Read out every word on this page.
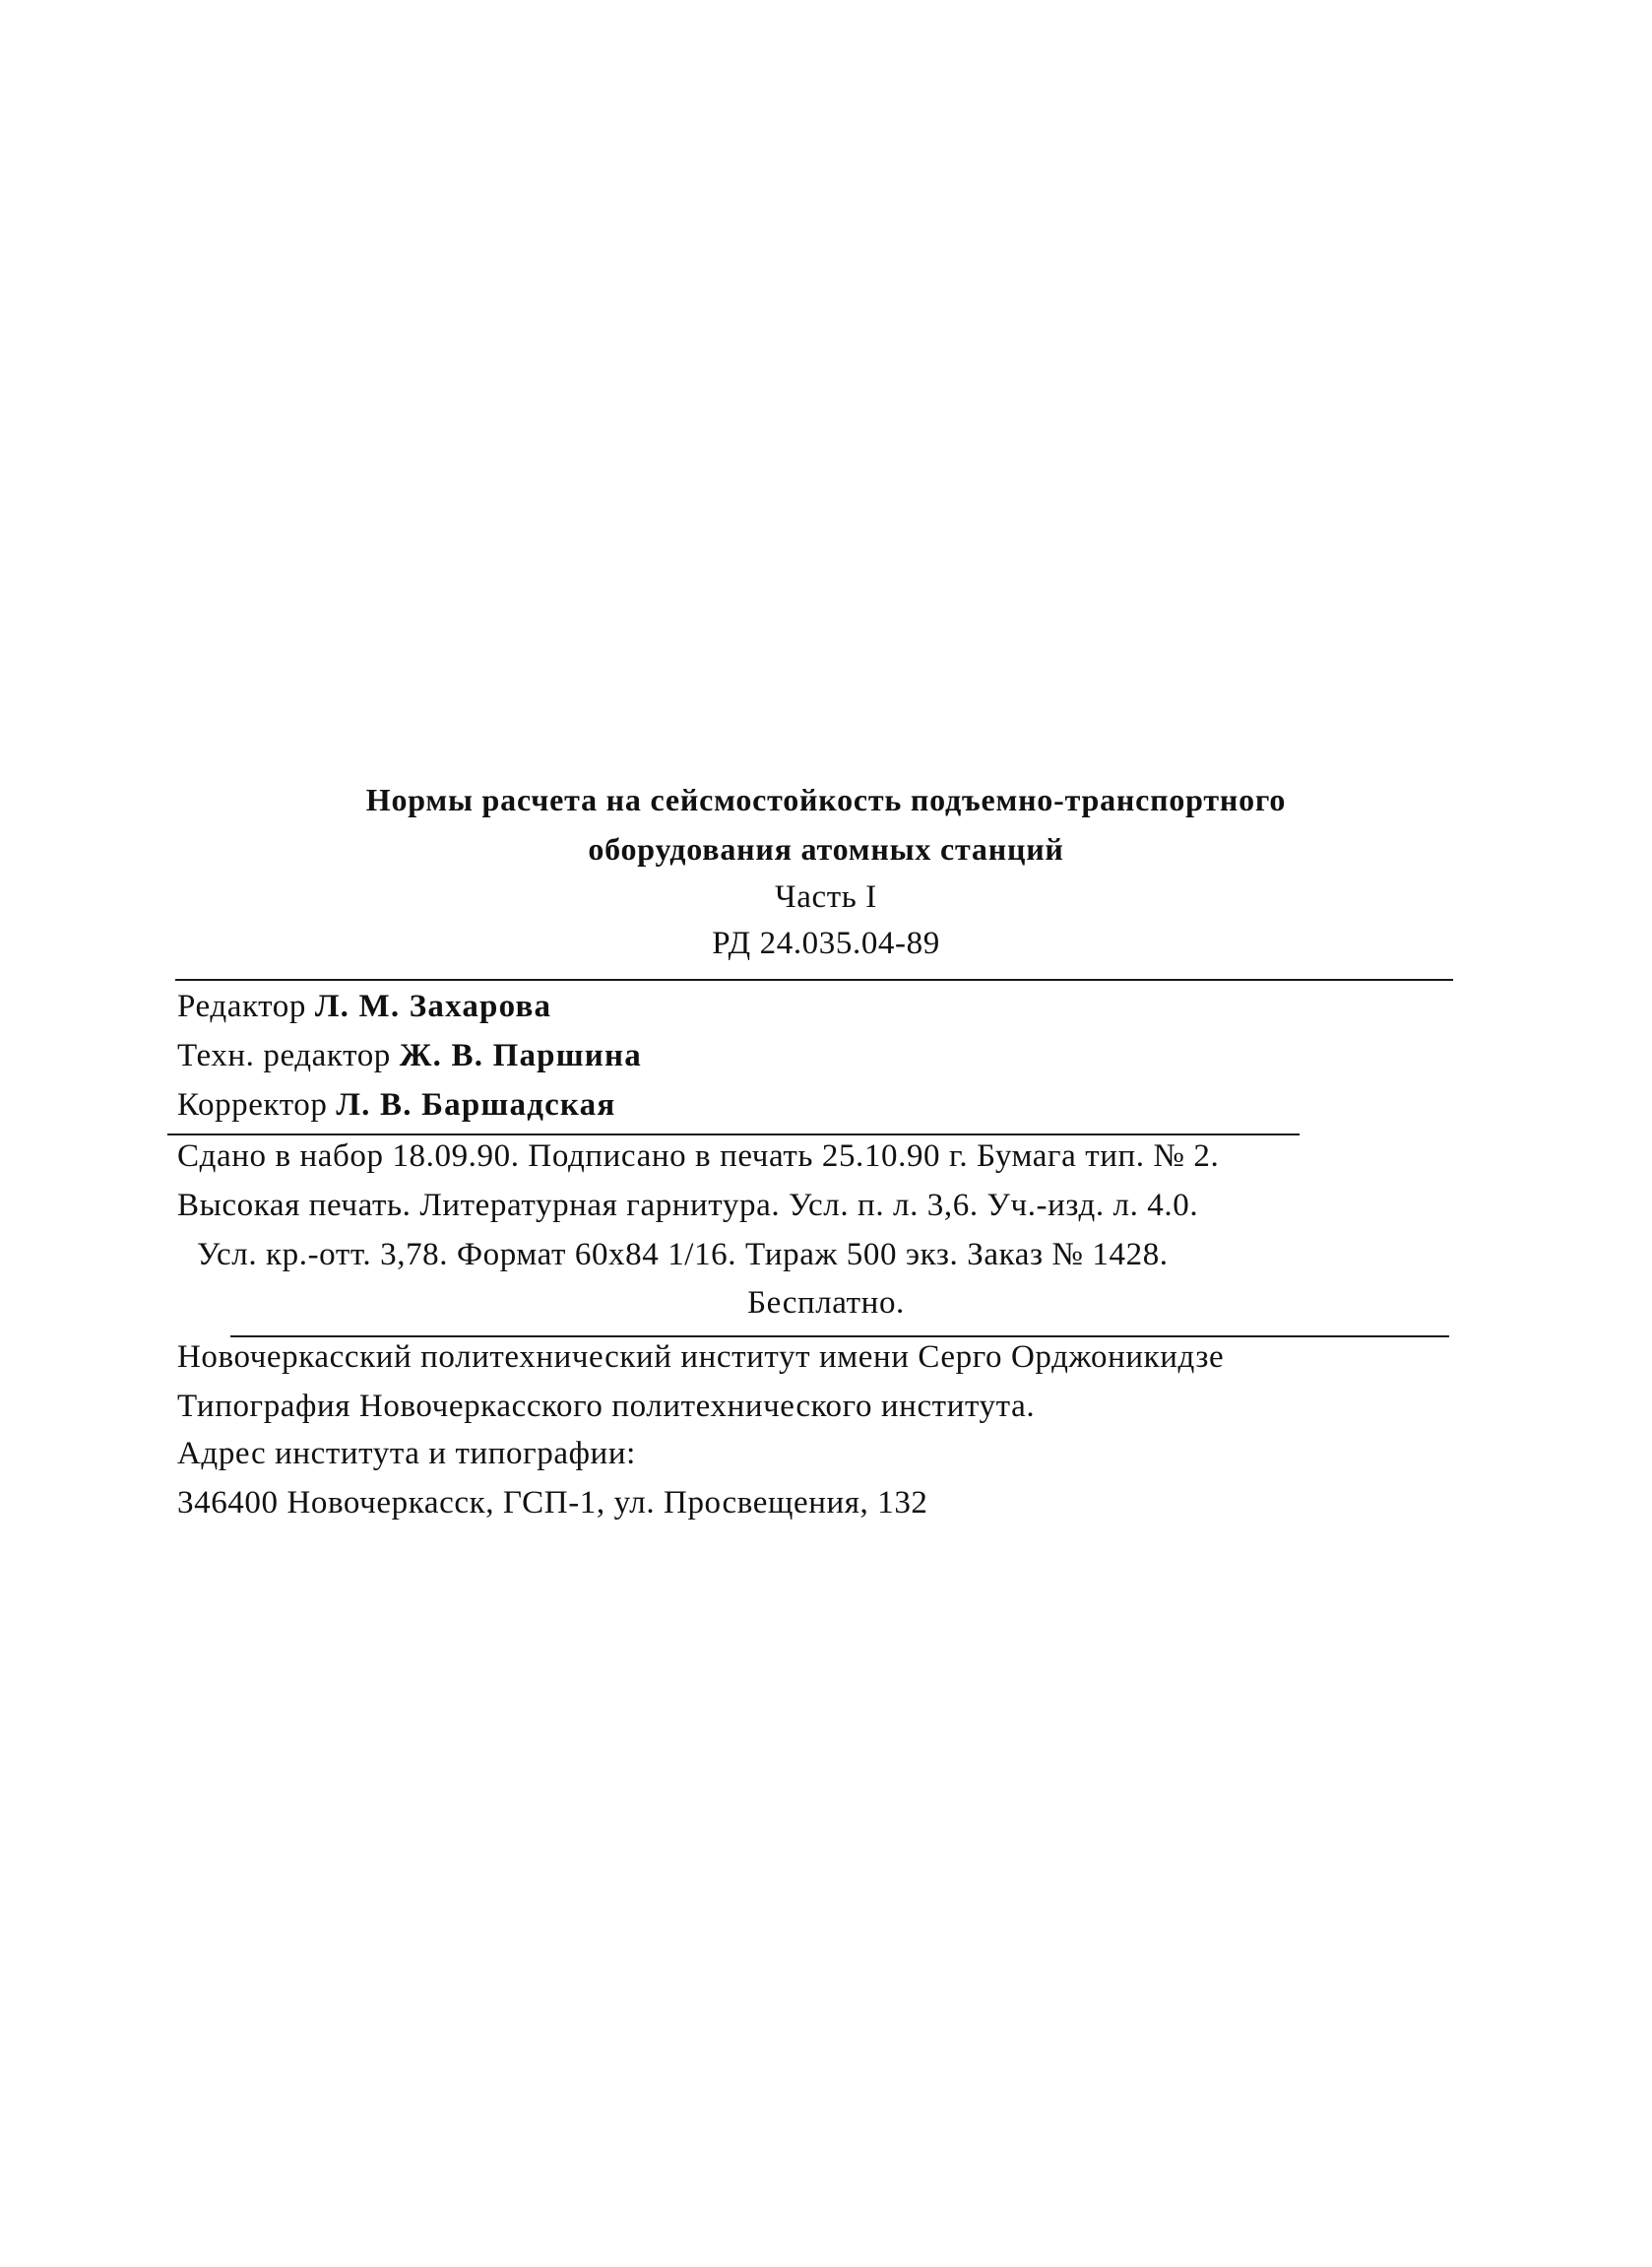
Нормы расчета на сейсмостойкость подъемно-транспортного
оборудования атомных станций
Часть I
РД 24.035.04-89
Редактор Л. М. Захарова
Техн. редактор Ж. В. Паршина
Корректор Л. В. Баршадская
Сдано в набор 18.09.90. Подписано в печать 25.10.90 г. Бумага тип. № 2.
Высокая печать. Литературная гарнитура. Усл. п. л. 3,6. Уч.-изд. л. 4.0.
Усл. кр.-отт. 3,78. Формат 60х84 1/16. Тираж 500 экз. Заказ № 1428.
Бесплатно.
Новочеркасский политехнический институт имени Серго Орджоникидзе
Типография Новочеркасского политехнического института.
Адрес института и типографии:
346400 Новочеркасск, ГСП-1, ул. Просвещения, 132
